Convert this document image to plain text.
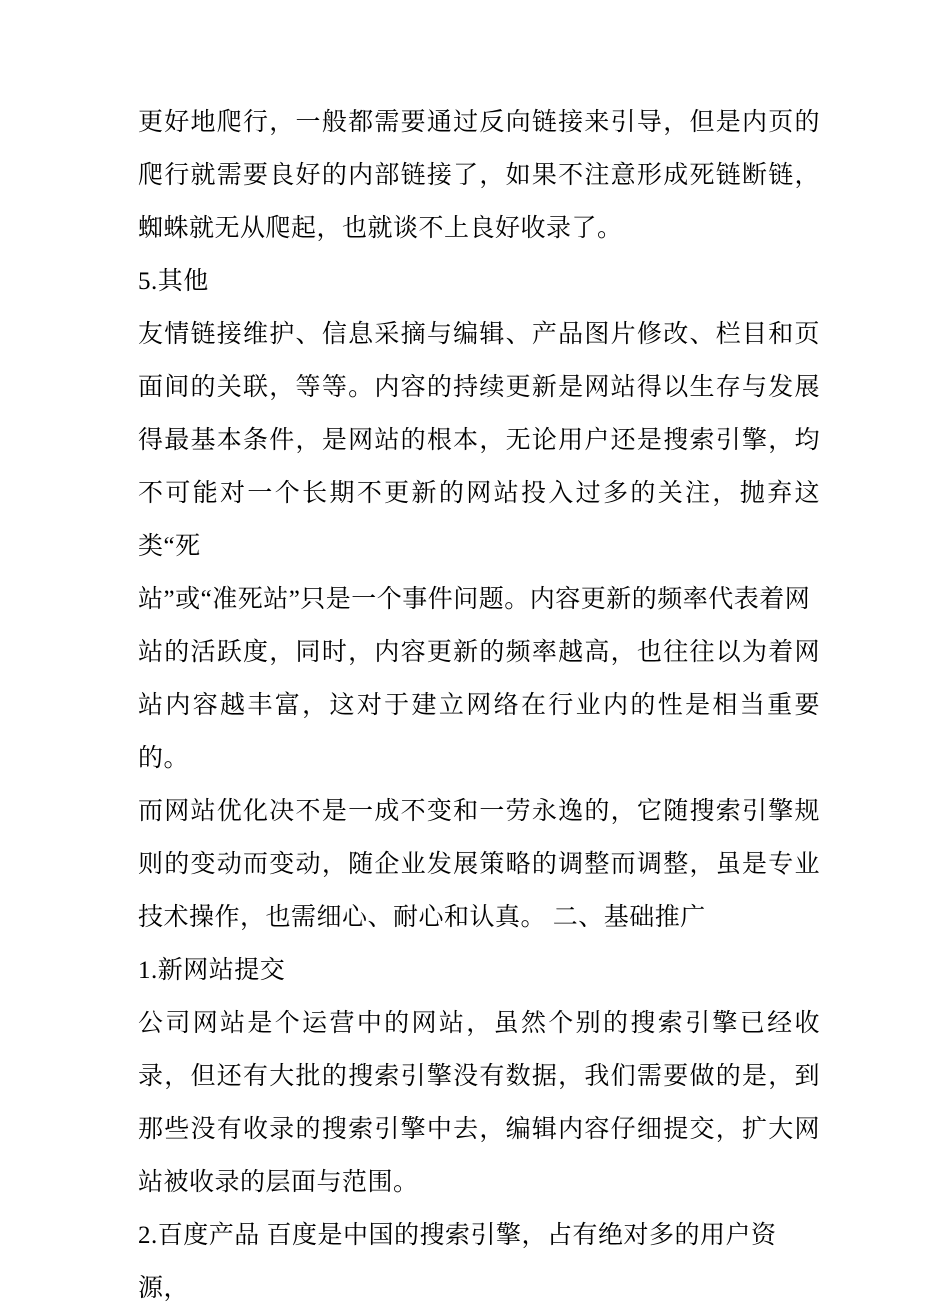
更好地爬行，一般都需要通过反向链接来引导，但是内页的爬行就需要良好的内部链接了，如果不注意形成死链断链，蜘蛛就无从爬起，也就谈不上良好收录了。

5.其他

友情链接维护、信息采摘与编辑、产品图片修改、栏目和页面间的关联，等等。内容的持续更新是网站得以生存与发展得最基本条件，是网站的根本，无论用户还是搜索引擎，均不可能对一个长期不更新的网站投入过多的关注，抛弃这类“死

站”或“准死站”只是一个事件问题。内容更新的频率代表着网

站的活跃度，同时，内容更新的频率越高，也往往以为着网站内容越丰富，这对于建立网络在行业内的性是相当重要的。

而网站优化决不是一成不变和一劳永逸的，它随搜索引擎规则的变动而变动，随企业发展策略的调整而调整，虽是专业技术操作，也需细心、耐心和认真。 二、基础推广

1.新网站提交

公司网站是个运营中的网站，虽然个别的搜索引擎已经收录，但还有大批的搜索引擎没有数据，我们需要做的是，到那些没有收录的搜索引擎中去，编辑内容仔细提交，扩大网站被收录的层面与范围。

2.百度产品 百度是中国的搜索引擎，占有绝对多的用户资源，
